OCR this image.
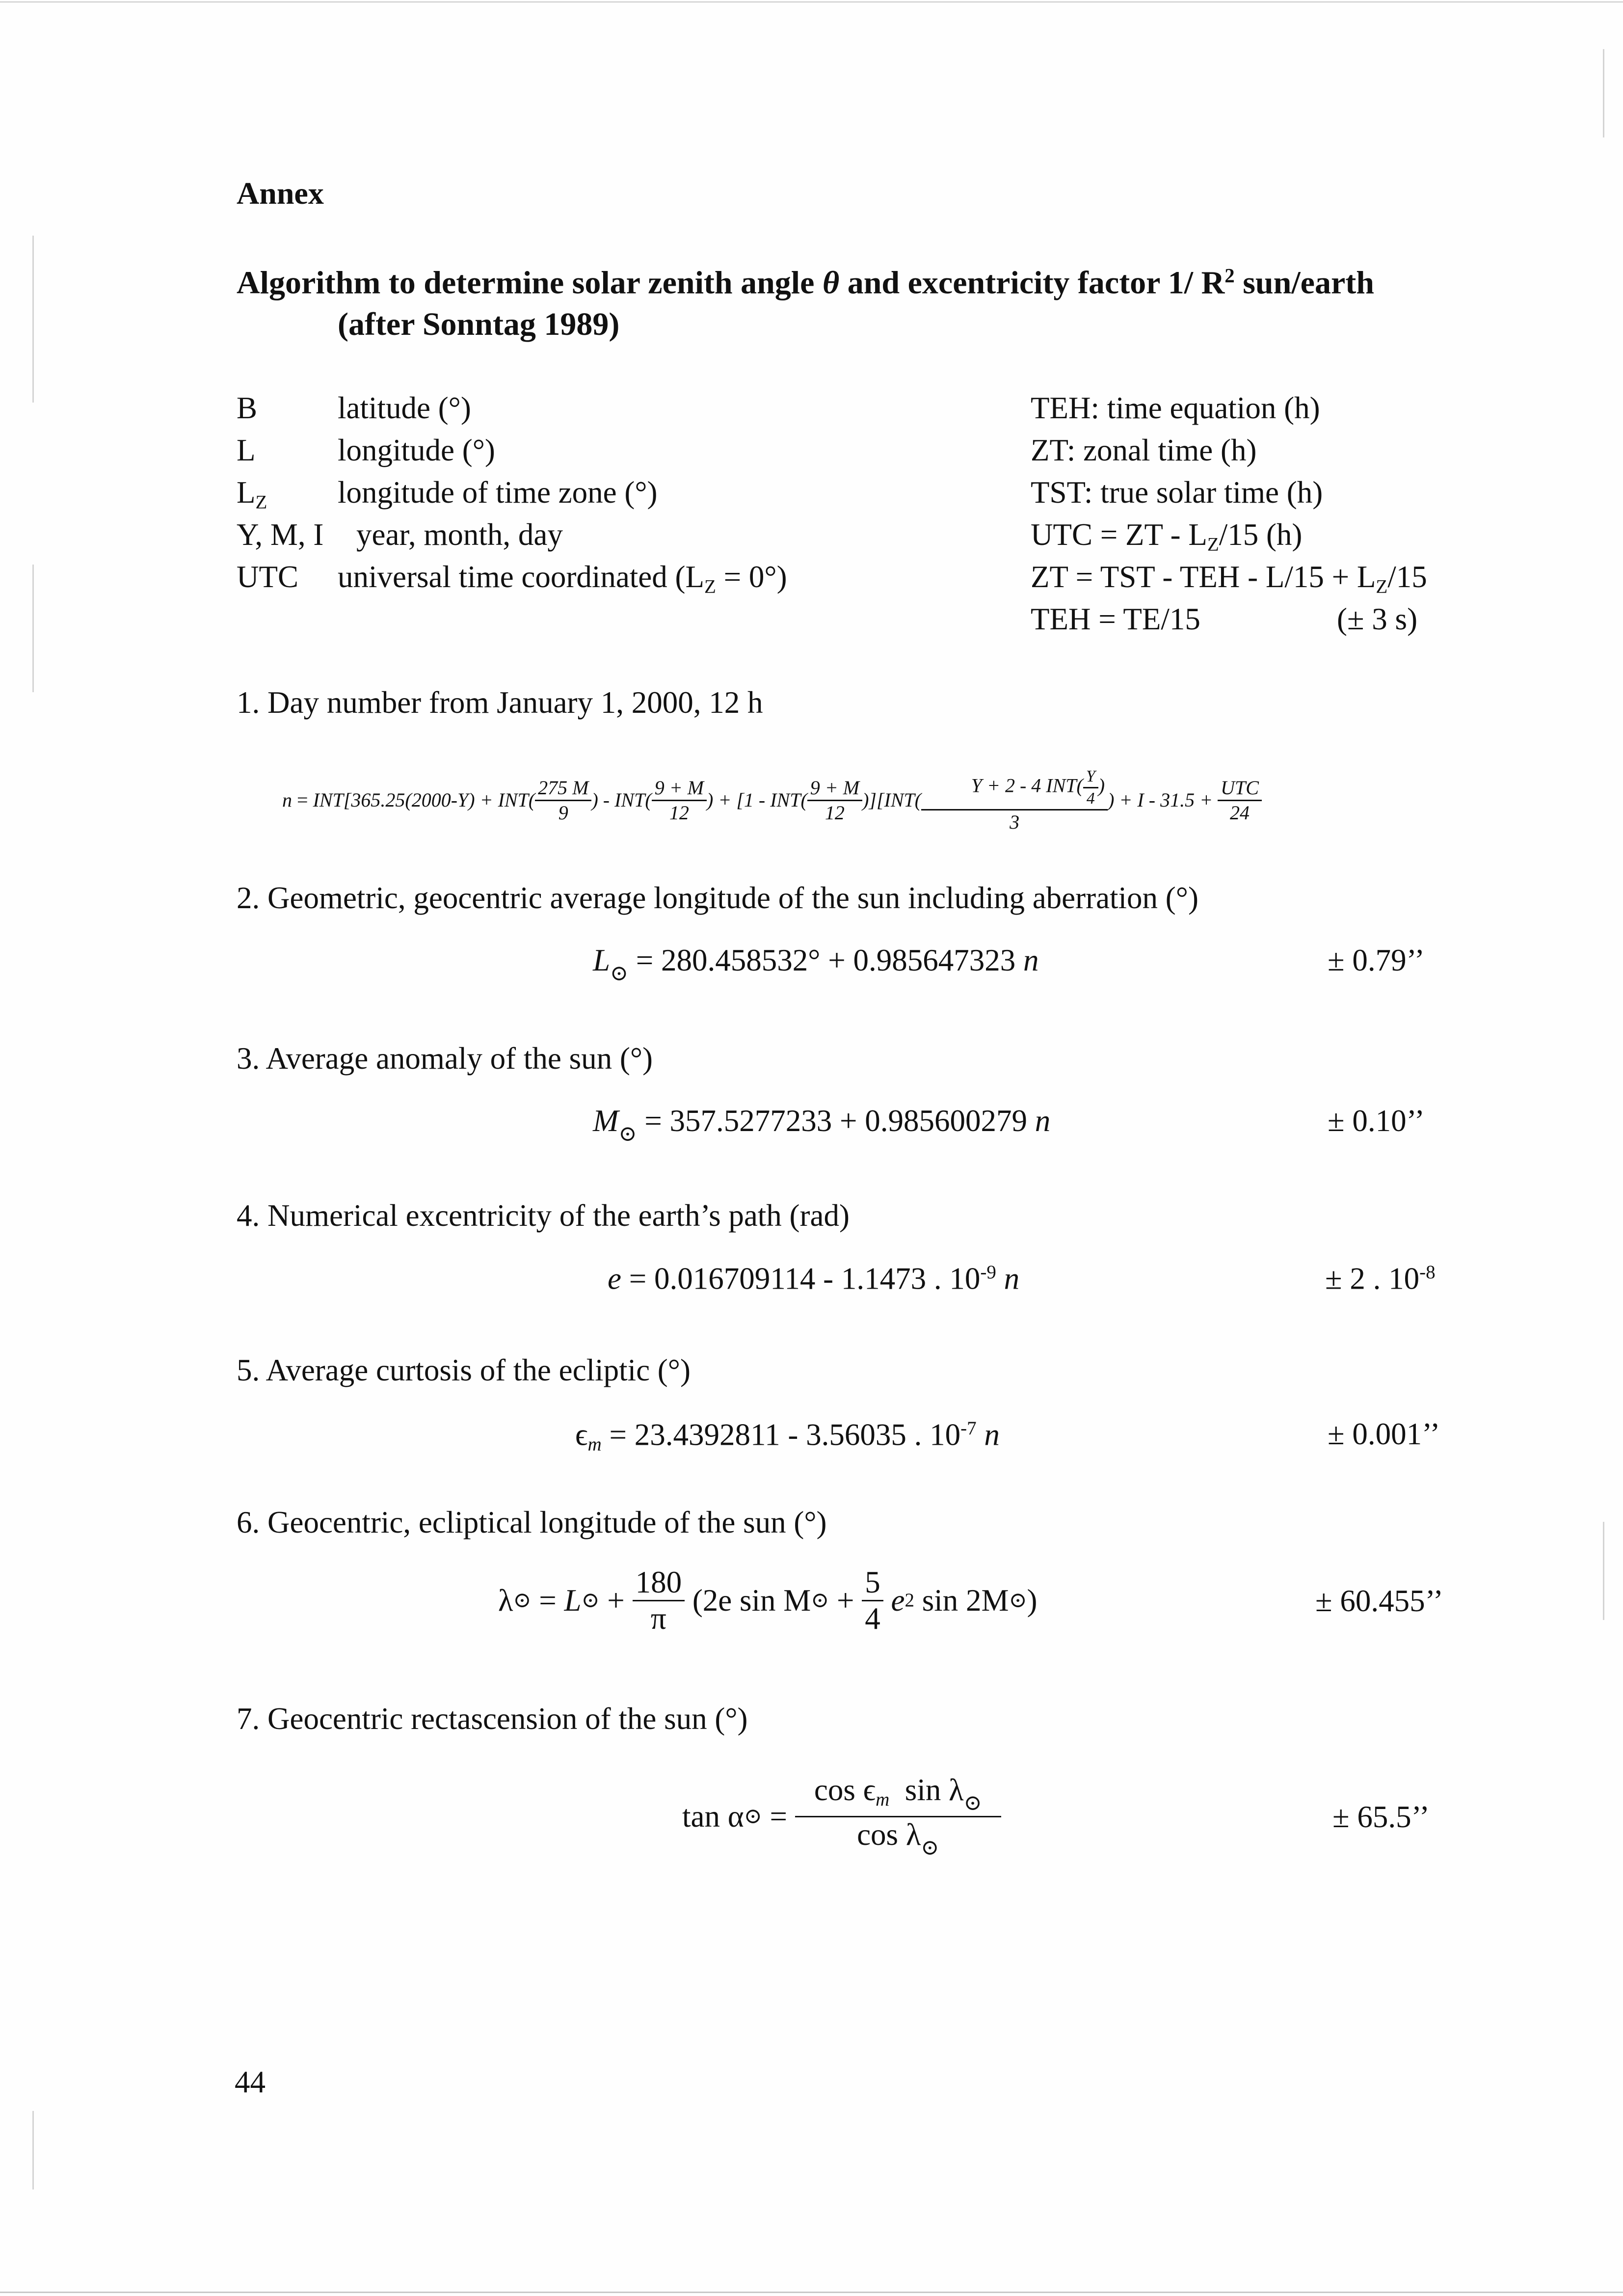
Annex
Algorithm to determine solar zenith angle θ and excentricity factor 1/ $R^2$ sun/earth
(after Sonntag 1989)
B	latitude (°)
L	longitude (°)
$L_Z$ longitude of time zone (°)
Y, M, I year, month, day
UTC universal time coordinated $(L_Z = 0^\circ)$
TEH: time equation (h)
ZT: zonal time (h)
TST: true solar time (h)
UTC = ZT - $L_Z/15$ (h)
ZT = TST - TEH - $L/15 + L_Z/15$
TEH = TE/15	(± 3 s)
1. Day number from January 1, 2000, 12 h
$n = INT[365.25(2000-Y) + INT( \frac{275 M}{9}$ ) - $INT( \frac{9 + M}{12}$ ) + $[1 - INT( \frac{9 + M}{12} )][INT( \frac{Y + 2 - 4 INT( \frac{Y}{4} )}{3}$ ) + $I - 31.5 + \frac{\text{UTC}}{24}$
2. Geometric, geocentric average longitude of the sun including aberration (°)
$L_⊙ = 280.458532^\circ + 0.985647323$ n	± 0.79’’
3. Average anomaly of the sun (°)
$M_⊙ = 357.5277233 + 0.985600279$ n	± 0.10’’
4. Numerical excentricity of the earth’s path (rad)
e = 0.016709114 - 1.1473 . $10^{-9}$ n	± 2 . $10^{-8}$
5. Average curtosis of the ecliptic (°)
$\epsilon_m = 23.4392811 - 3.56035$ . $10^{-7}$ n	± 0.001’’
6. Geocentric, ecliptical longitude of the sun (°)
λ ⊙ = L ⊙ + $\frac{180}{\pi} (2e$ sin M ⊙ + $\frac{5}{4}$ e 2 sin 2M ⊙ )	± 60.455’’
7. Geocentric rectascension of the sun (°)
tan α ⊙ = $\frac{\cos \epsilon_m \sin \lambda_⊙}{\cos \lambda_⊙}$	± 65.5’’
44
